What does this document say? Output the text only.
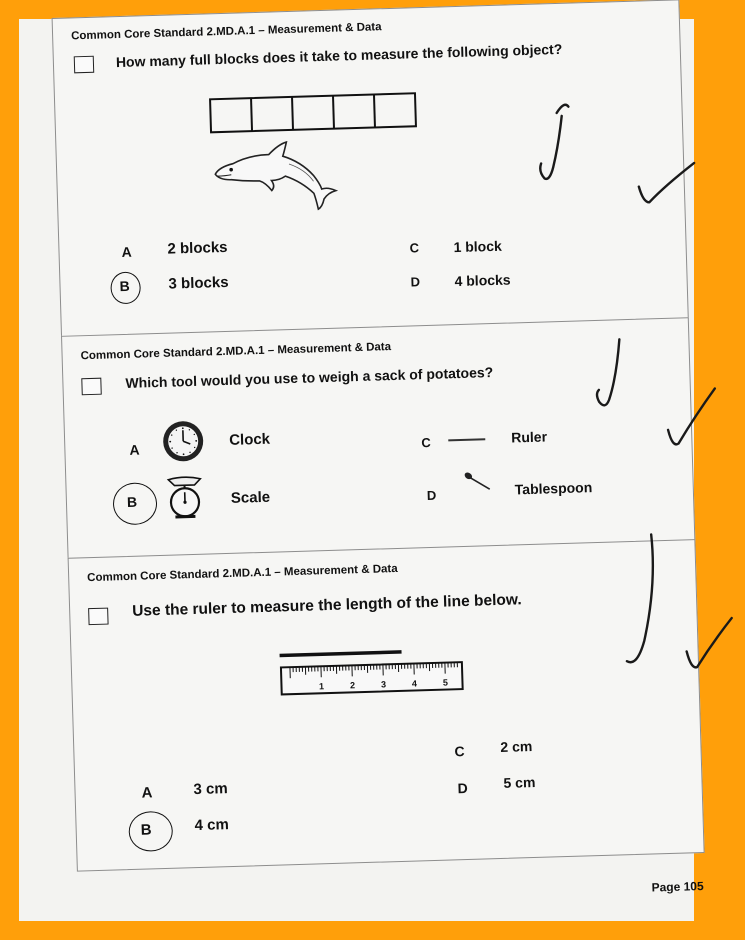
Common Core Standard 2.MD.A.1 – Measurement & Data
How many full blocks does it take to measure the following object?
A 2 blocks
B	3 blocks
C 1 block
D 4 blocks
Common Core Standard 2.MD.A.1 – Measurement & Data
Which tool would you use to weigh a sack of potatoes?
A
Clock
B	Scale
C	Ruler
D	Tablespoon
Common Core Standard 2.MD.A.1 – Measurement & Data
Use the ruler to measure the length of the line below.
1	2	3	4	5
C	2 cm
A	3 cm	D	5 cm
B	4 cm
Page 105
